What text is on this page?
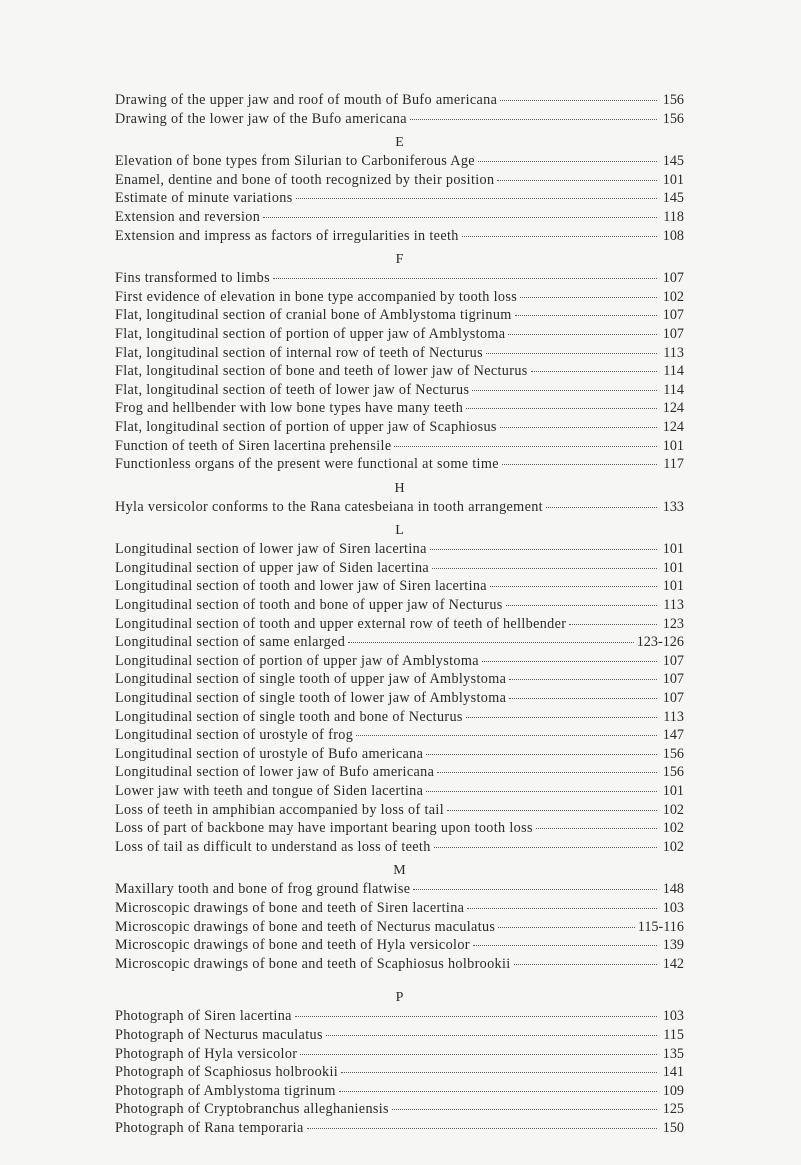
Drawing of the upper jaw and roof of mouth of Bufo americana	156
Drawing of the lower jaw of the Bufo americana	156
E
Elevation of bone types from Silurian to Carboniferous Age	145
Enamel, dentine and bone of tooth recognized by their position	101
Estimate of minute variations	145
Extension and reversion	118
Extension and impress as factors of irregularities in teeth	108
F
Fins transformed to limbs	107
First evidence of elevation in bone type accompanied by tooth loss	102
Flat, longitudinal section of cranial bone of Amblystoma tigrinum	107
Flat, longitudinal section of portion of upper jaw of Amblystoma	107
Flat, longitudinal section of internal row of teeth of Necturus	113
Flat, longitudinal section of bone and teeth of lower jaw of Necturus	114
Flat, longitudinal section of teeth of lower jaw of Necturus	114
Frog and hellbender with low bone types have many teeth	124
Flat, longitudinal section of portion of upper jaw of Scaphiosus	124
Function of teeth of Siren lacertina prehensile	101
Functionless organs of the present were functional at some time	117
H
Hyla versicolor conforms to the Rana catesbeiana in tooth arrangement	133
L
Longitudinal section of lower jaw of Siren lacertina	101
Longitudinal section of upper jaw of Siden lacertina	101
Longitudinal section of tooth and lower jaw of Siren lacertina	101
Longitudinal section of tooth and bone of upper jaw of Necturus	113
Longitudinal section of tooth and upper external row of teeth of hellbender	123
Longitudinal section of same enlarged	123-126
Longitudinal section of portion of upper jaw of Amblystoma	107
Longitudinal section of single tooth of upper jaw of Amblystoma	107
Longitudinal section of single tooth of lower jaw of Amblystoma	107
Longitudinal section of single tooth and bone of Necturus	113
Longitudinal section of urostyle of frog	147
Longitudinal section of urostyle of Bufo americana	156
Longitudinal section of lower jaw of Bufo americana	156
Lower jaw with teeth and tongue of Siden lacertina	101
Loss of teeth in amphibian accompanied by loss of tail	102
Loss of part of backbone may have important bearing upon tooth loss	102
Loss of tail as difficult to understand as loss of teeth	102
M
Maxillary tooth and bone of frog ground flatwise	148
Microscopic drawings of bone and teeth of Siren lacertina	103
Microscopic drawings of bone and teeth of Necturus maculatus	115-116
Microscopic drawings of bone and teeth of Hyla versicolor	139
Microscopic drawings of bone and teeth of Scaphiosus holbrookii	142
P
Photograph of Siren lacertina	103
Photograph of Necturus maculatus	115
Photograph of Hyla versicolor	135
Photograph of Scaphiosus holbrookii	141
Photograph of Amblystoma tigrinum	109
Photograph of Cryptobranchus alleghaniensis	125
Photograph of Rana temporaria	150
